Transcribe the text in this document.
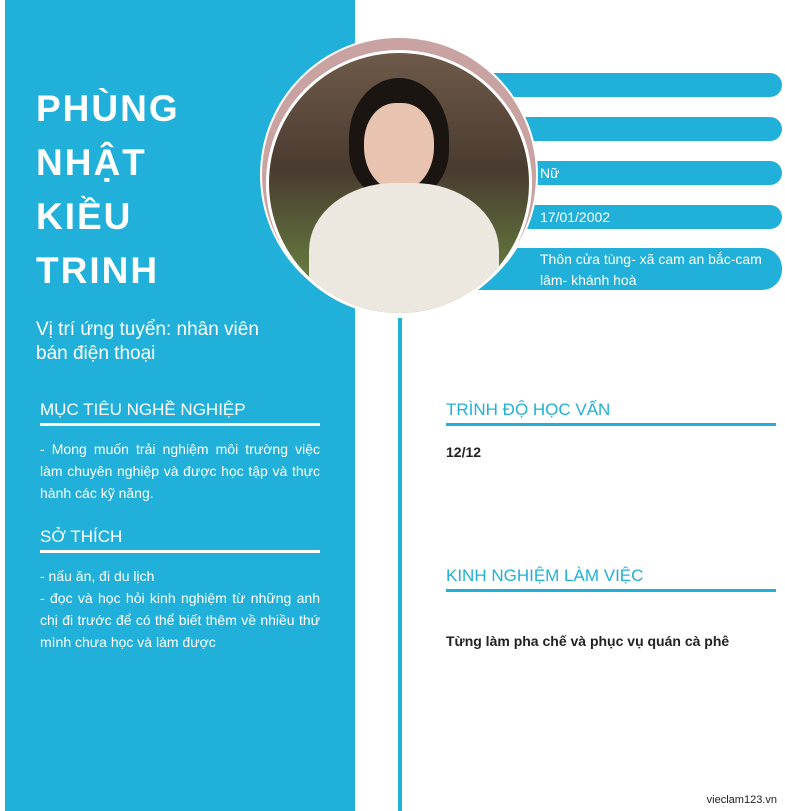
PHÙNG
NHẬT
KIỀU
TRINH
Vị trí ứng tuyển: nhân viên bán điện thoại
MỤC TIÊU NGHỀ NGHIỆP
- Mong muốn trải nghiệm môi trường việc làm chuyên nghiệp và được học tập và thực hành các kỹ năng.
SỞ THÍCH
- nấu ăn, đi du lịch
- đọc và học hỏi kinh nghiệm từ những anh chị đi trước để có thể biết thêm về nhiều thứ mình chưa học và làm được
Nữ
17/01/2002
Thôn cửa tùng- xã cam an bắc-cam lâm- khánh hoà
TRÌNH ĐỘ HỌC VẤN
12/12
KINH NGHIỆM LÀM VIỆC
Từng làm pha chế và phục vụ quán cà phê
vieclam123.vn
